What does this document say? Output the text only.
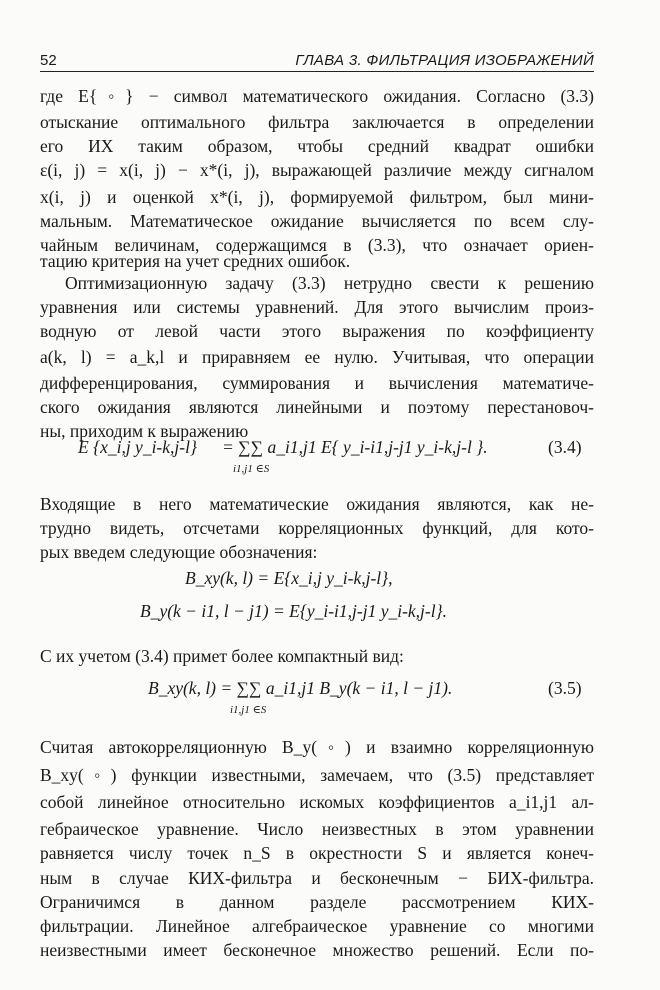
52	ГЛАВА 3. ФИЛЬТРАЦИЯ ИЗОБРАЖЕНИЙ
где E{◦} − символ математического ожидания. Согласно (3.3)
отыскание оптимального фильтра заключается в определении
его ИХ таким образом, чтобы средний квадрат ошибки
ε(i, j) = x(i, j) − x*(i, j), выражающей различие между сигналом
x(i, j) и оценкой x*(i, j), формируемой фильтром, был мини-
мальным. Математическое ожидание вычисляется по всем слу-
чайным величинам, содержащимся в (3.3), что означает ориен-
тацию критерия на учет средних ошибок.
Оптимизационную задачу (3.3) нетрудно свести к решению
уравнения или системы уравнений. Для этого вычислим произ-
водную от левой части этого выражения по коэффициенту
a(k, l) = a_k,l и приравняем ее нулю. Учитывая, что операции
дифференцирования, суммирования и вычисления математиче-
ского ожидания являются линейными и поэтому перестановоч-
ны, приходим к выражению
E {x_i,j y_i-k,j-l} = ∑∑ a_i1,j1 E{ y_i-i1,j-j1 y_i-k,j-l }.
i1,j1 ∈S
(3.4)
Входящие в него математические ожидания являются, как не-
трудно видеть, отсчетами корреляционных функций, для кото-
рых введем следующие обозначения:
B_xy(k, l) = E{x_i,j y_i-k,j-l},
B_y(k − i1, l − j1) = E{y_i-i1,j-j1 y_i-k,j-l}.
С их учетом (3.4) примет более компактный вид:
B_xy(k, l) = ∑∑ a_i1,j1 B_y(k − i1, l − j1).
i1,j1 ∈S
(3.5)
Считая автокорреляционную B_y(◦) и взаимно корреляционную
B_xy(◦) функции известными, замечаем, что (3.5) представляет
собой линейное относительно искомых коэффициентов a_i1,j1 ал-
гебраическое уравнение. Число неизвестных в этом уравнении
равняется числу точек n_S в окрестности S и является конеч-
ным в случае КИХ-фильтра и бесконечным − БИХ-фильтра.
Ограничимся в данном разделе рассмотрением КИХ-
фильтрации. Линейное алгебраическое уравнение со многими
неизвестными имеет бесконечное множество решений. Если по-
